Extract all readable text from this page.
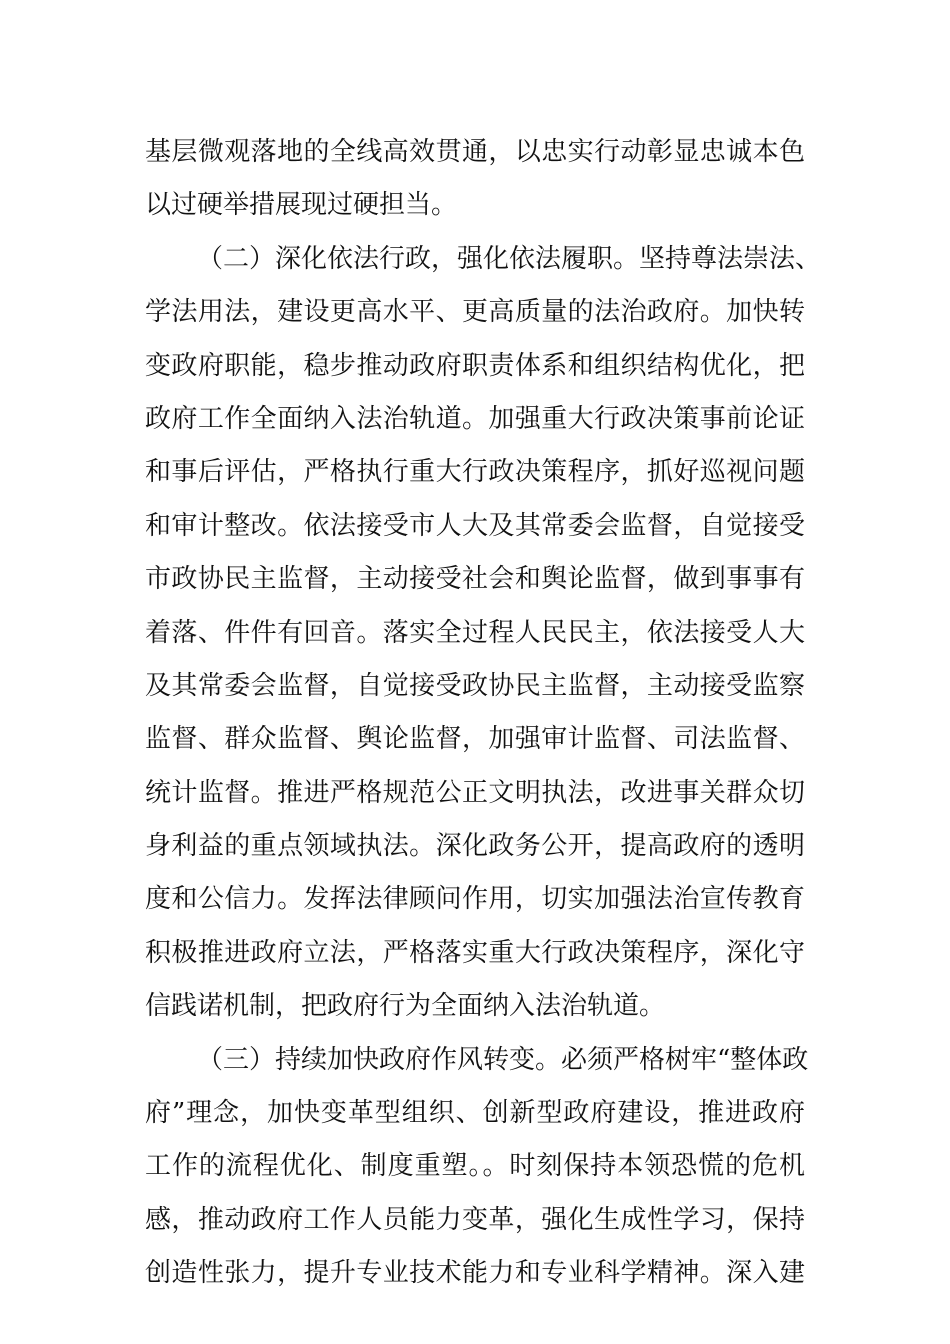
基层微观落地的全线高效贯通，以忠实行动彰显忠诚本色
以过硬举措展现过硬担当。
（二）深化依法行政，强化依法履职。坚持尊法崇法、
学法用法，建设更高水平、更高质量的法治政府。加快转
变政府职能，稳步推动政府职责体系和组织结构优化，把
政府工作全面纳入法治轨道。加强重大行政决策事前论证
和事后评估，严格执行重大行政决策程序，抓好巡视问题
和审计整改。依法接受市人大及其常委会监督，自觉接受
市政协民主监督，主动接受社会和舆论监督，做到事事有
着落、件件有回音。落实全过程人民民主，依法接受人大
及其常委会监督，自觉接受政协民主监督，主动接受监察
监督、群众监督、舆论监督，加强审计监督、司法监督、
统计监督。推进严格规范公正文明执法，改进事关群众切
身利益的重点领域执法。深化政务公开，提高政府的透明
度和公信力。发挥法律顾问作用，切实加强法治宣传教育
积极推进政府立法，严格落实重大行政决策程序，深化守
信践诺机制，把政府行为全面纳入法治轨道。
（三）持续加快政府作风转变。必须严格树牢“整体政
府”理念，加快变革型组织、创新型政府建设，推进政府
工作的流程优化、制度重塑。。时刻保持本领恐慌的危机
感，推动政府工作人员能力变革，强化生成性学习，保持
创造性张力，提升专业技术能力和专业科学精神。深入建
